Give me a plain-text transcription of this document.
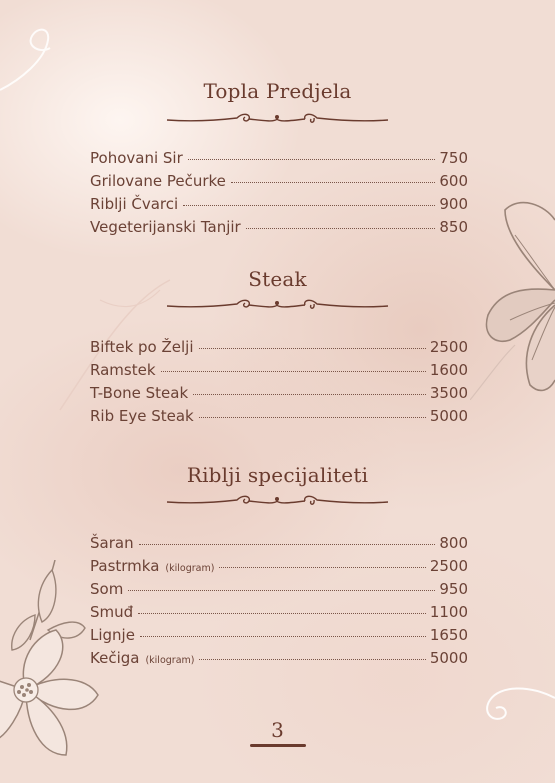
Topla Predjela
Pohovani Sir	750
Grilovane Pečurke	600
Riblji Čvarci	900
Vegeterijanski Tanjir	850
Steak
Biftek po Želji	2500
Ramstek	1600
T-Bone Steak	3500
Rib Eye Steak	5000
Riblji specijaliteti
Šaran	800
Pastrmka (kilogram)	2500
Som	950
Smuđ	1100
Lignje	1650
Kečiga (kilogram)	5000
3
